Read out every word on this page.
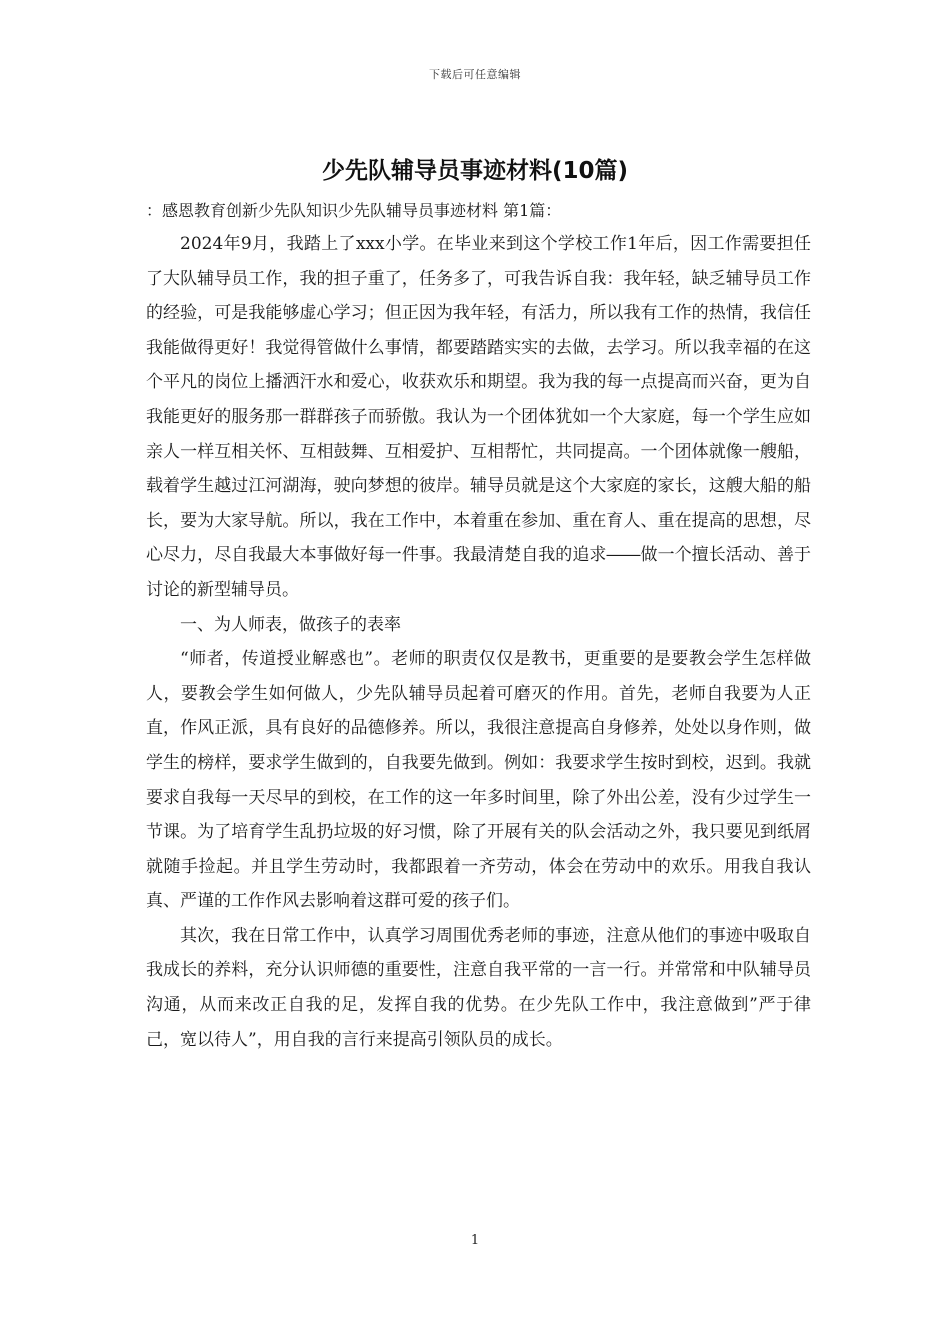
下载后可任意编辑
少先队辅导员事迹材料(10篇)
：感恩教育创新少先队知识少先队辅导员事迹材料 第1篇：

2024年9月，我踏上了xxx小学。在毕业来到这个学校工作1年后，因工作需要担任了大队辅导员工作，我的担子重了，任务多了，可我告诉自我：我年轻，缺乏辅导员工作的经验，可是我能够虚心学习；但正因为我年轻，有活力，所以我有工作的热情，我信任我能做得更好！我觉得管做什么事情，都要踏踏实实的去做，去学习。所以我幸福的在这个平凡的岗位上播洒汗水和爱心，收获欢乐和期望。我为我的每一点提高而兴奋，更为自我能更好的服务那一群群孩子而骄傲。我认为一个团体犹如一个大家庭，每一个学生应如亲人一样互相关怀、互相鼓舞、互相爱护、互相帮忙，共同提高。一个团体就像一艘船，载着学生越过江河湖海，驶向梦想的彼岸。辅导员就是这个大家庭的家长，这艘大船的船长，要为大家导航。所以，我在工作中，本着重在参加、重在育人、重在提高的思想，尽心尽力，尽自我最大本事做好每一件事。我最清楚自我的追求――做一个擅长活动、善于讨论的新型辅导员。

一、为人师表，做孩子的表率

“师者，传道授业解惑也”。老师的职责仅仅是教书，更重要的是要教会学生怎样做人，要教会学生如何做人，少先队辅导员起着可磨灭的作用。首先，老师自我要为人正直，作风正派，具有良好的品德修养。所以，我很注意提高自身修养，处处以身作则，做学生的榜样，要求学生做到的，自我要先做到。例如：我要求学生按时到校，迟到。我就要求自我每一天尽早的到校，在工作的这一年多时间里，除了外出公差，没有少过学生一节课。为了培育学生乱扔垃圾的好习惯，除了开展有关的队会活动之外，我只要见到纸屑就随手捡起。并且学生劳动时，我都跟着一齐劳动，体会在劳动中的欢乐。用我自我认真、严谨的工作作风去影响着这群可爱的孩子们。

其次，我在日常工作中，认真学习周围优秀老师的事迹，注意从他们的事迹中吸取自我成长的养料，充分认识师德的重要性，注意自我平常的一言一行。并常常和中队辅导员沟通，从而来改正自我的足，发挥自我的优势。在少先队工作中，我注意做到”严于律己，宽以待人”，用自我的言行来提高引领队员的成长。

1
